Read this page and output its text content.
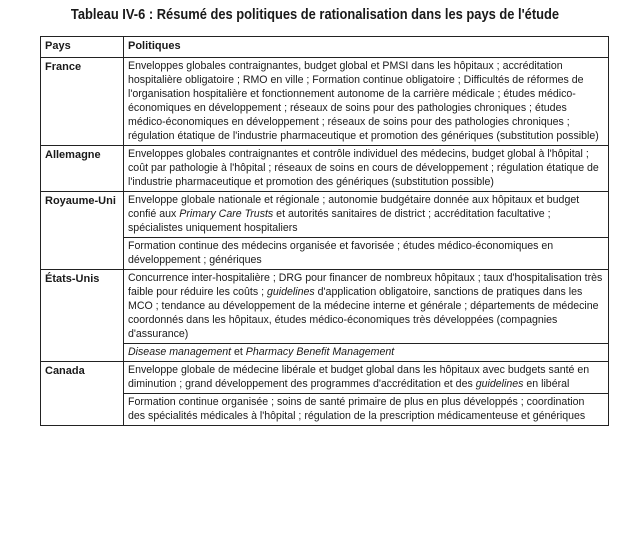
Tableau IV-6 : Résumé des politiques de rationalisation dans les pays de l'étude
Pays	Politiques
France	Enveloppes globales contraignantes, budget global et PMSI dans les hôpitaux ; accréditation hospitalière obligatoire ; RMO en ville ; Formation continue obligatoire ; Difficultés de réformes de l'organisation hospitalière et fonctionnement autonome de la carrière médicale ; études médico-économiques en développement ; réseaux de soins pour des pathologies chroniques ; études médico-économiques en développement ; réseaux de soins pour des pathologies chroniques ; régulation étatique de l'industrie pharmaceutique et promotion des génériques (substitution possible)

Allemagne	Enveloppes globales contraignantes et contrôle individuel des médecins, budget global à l'hôpital ; coût par pathologie à l'hôpital ; réseaux de soins en cours de développement ; régulation étatique de l'industrie pharmaceutique et promotion des génériques (substitution possible)

Royaume-Uni	Enveloppe globale nationale et régionale ; autonomie budgétaire donnée aux hôpitaux et budget confié aux Primary Care Trusts et autorités sanitaires de district ; accréditation facultative ; spécialistes uniquement hospitaliers
Formation continue des médecins organisée et favorisée ; études médico-économiques en développement ; génériques

États-Unis	Concurrence inter-hospitalière ; DRG pour financer de nombreux hôpitaux ; taux d'hospitalisation très faible pour réduire les coûts ; guidelines d'application obligatoire, sanctions de pratiques dans les MCO ; tendance au développement de la médecine interne et générale ; départements de médecine coordonnés dans les hôpitaux, études médico-économiques très développées (compagnies d'assurance)
Disease management et Pharmacy Benefit Management

Canada	Enveloppe globale de médecine libérale et budget global dans les hôpitaux avec budgets santé en diminution ; grand développement des programmes d'accréditation et des guidelines en libéral
Formation continue organisée ; soins de santé primaire de plus en plus développés ; coordination des spécialités médicales à l'hôpital ; régulation de la prescription médicamenteuse et génériques
